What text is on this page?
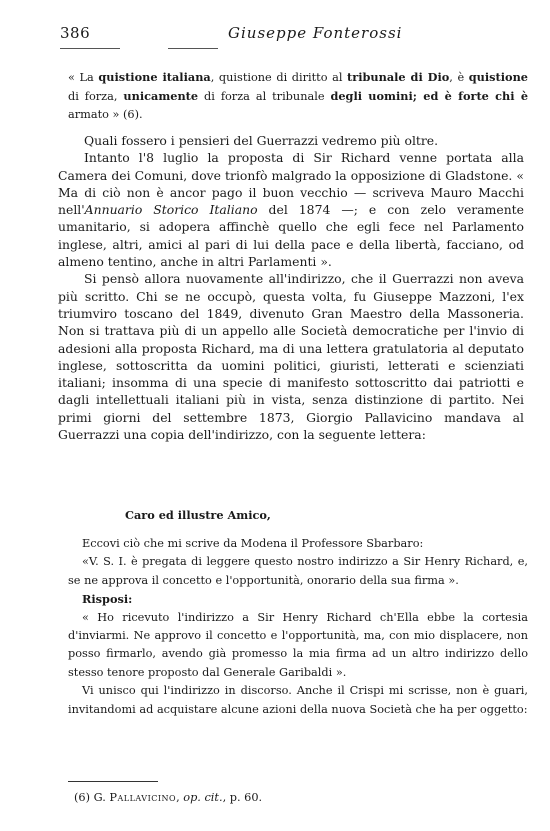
386	Giuseppe Fonterossi
« La quistione italiana, quistione di diritto al tribunale di Dio, è quistione di forza, unicamente di forza al tribunale degli uomini; ed è forte chi è armato » (6).

Quali fossero i pensieri del Guerrazzi vedremo più oltre.

Intanto l'8 luglio la proposta di Sir Richard venne portata alla Camera dei Comuni, dove trionfò malgrado la opposizione di Gladstone. « Ma di ciò non è ancor pago il buon vecchio — scriveva Mauro Macchi nell'Annuario Storico Italiano del 1874 —; e con zelo veramente umanitario, si adopera affinchè quello che egli fece nel Parlamento inglese, altri, amici al pari di lui della pace e della libertà, facciano, od almeno tentino, anche in altri Parlamenti ».

Si pensò allora nuovamente all'indirizzo, che il Guerrazzi non aveva più scritto. Chi se ne occupò, questa volta, fu Giuseppe Mazzoni, l'ex triumviro toscano del 1849, divenuto Gran Maestro della Massoneria. Non si trattava più di un appello alle Società democratiche per l'invio di adesioni alla proposta Richard, ma di una lettera gratulatoria al deputato inglese, sottoscritta da uomini politici, giuristi, letterati e scienziati italiani; insomma di una specie di manifesto sottoscritto dai patriotti e dagli intellettuali italiani più in vista, senza distinzione di partito. Nei primi giorni del settembre 1873, Giorgio Pallavicino mandava al Guerrazzi una copia dell'indirizzo, con la seguente lettera:

Caro ed illustre Amico,

Eccovi ciò che mi scrive da Modena il Professore Sbarbaro:

«V. S. I. è pregata di leggere questo nostro indirizzo a Sir Henry Richard, e, se ne approva il concetto e l'opportunità, onorario della sua firma ».

Risposi:

« Ho ricevuto l'indirizzo a Sir Henry Richard ch'Ella ebbe la cortesia d'inviarmi. Ne approvo il concetto e l'opportunità, ma, con mio displacere, non posso firmarlo, avendo già promesso la mia firma ad un altro indirizzo dello stesso tenore proposto dal Generale Garibaldi ».

Vi unisco qui l'indirizzo in discorso. Anche il Crispi mi scrisse, non è guari, invitandomi ad acquistare alcune azioni della nuova Società che ha per oggetto:

(6) G. Pallavicino, op. cit., p. 60.
